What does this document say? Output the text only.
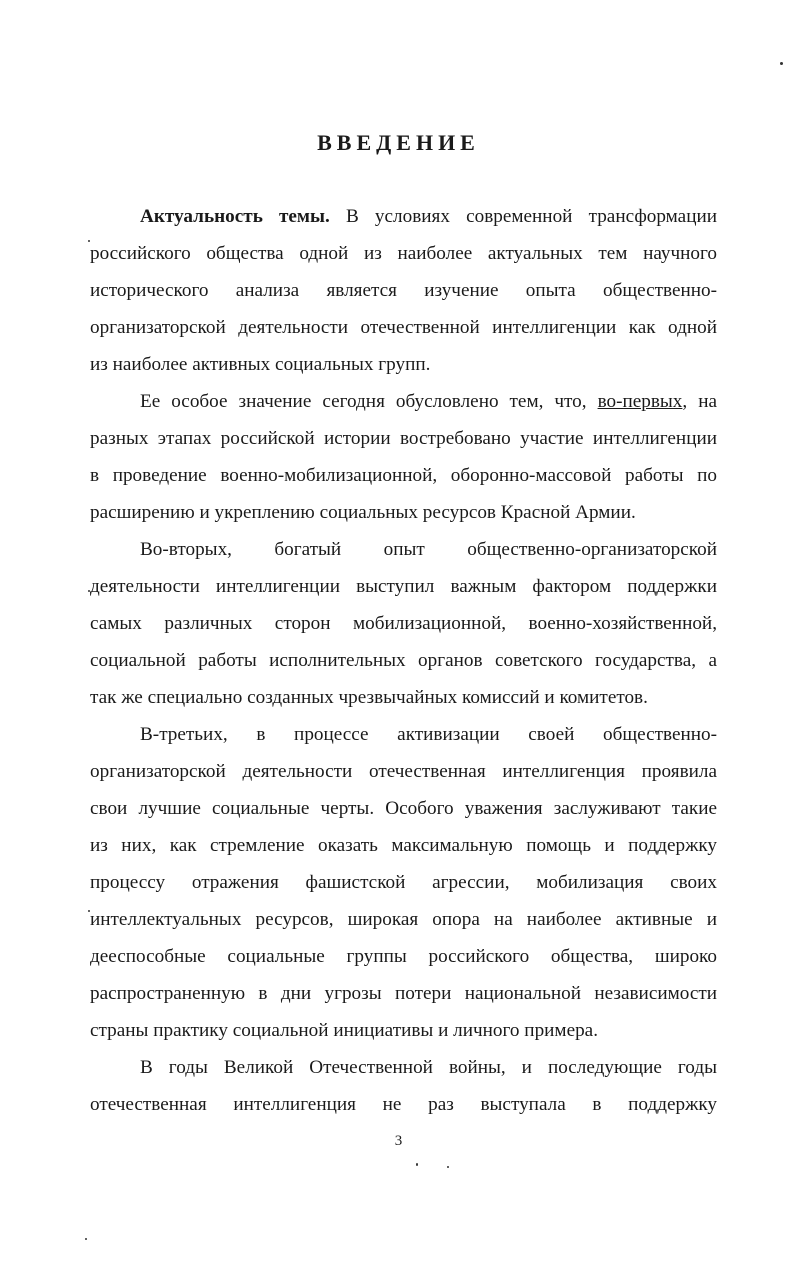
ВВЕДЕНИЕ
Актуальность темы. В условиях современной трансформации
российского общества одной из наиболее актуальных тем научного
исторического анализа является изучение опыта общественно-
организаторской деятельности отечественной интеллигенции как одной
из наиболее активных социальных групп.
Ее особое значение сегодня обусловлено тем, что, во-первых, на
разных этапах российской истории востребовано участие интеллигенции
в проведение военно-мобилизационной, оборонно-массовой работы по
расширению и укреплению социальных ресурсов Красной Армии.
Во-вторых, богатый опыт общественно-организаторской
деятельности интеллигенции выступил важным фактором поддержки
самых различных сторон мобилизационной, военно-хозяйственной,
социальной работы исполнительных органов советского государства, а
так же специально созданных чрезвычайных комиссий и комитетов.
В-третьих, в процессе активизации своей общественно-
организаторской деятельности отечественная интеллигенция проявила
свои лучшие социальные черты. Особого уважения заслуживают такие
из них, как стремление оказать максимальную помощь и поддержку
процессу отражения фашистской агрессии, мобилизация своих
интеллектуальных ресурсов, широкая опора на наиболее активные и
дееспособные социальные группы российского общества, широко
распространенную в дни угрозы потери национальной независимости
страны практику социальной инициативы и личного примера.
В годы Великой Отечественной войны, и последующие годы
отечественная интеллигенция не раз выступала в поддержку
3
